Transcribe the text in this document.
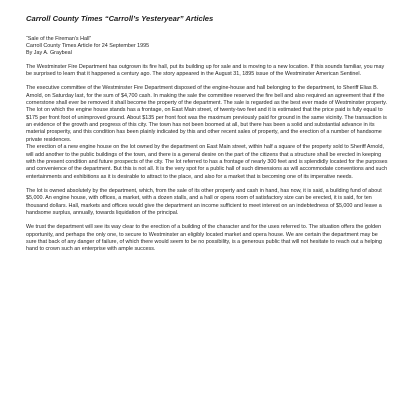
Carroll County Times “Carroll’s Yesteryear” Articles
“Sale of the Fireman’s Hall”
Carroll County Times Article for 24 September 1995
By Jay A. Graybeal

The Westminster Fire Department has outgrown its fire hall, put its building up for sale and is moving to a new location. If this sounds familiar, you may be surprised to learn that it happened a century ago. The story appeared in the August 31, 1895 issue of the Westminster American Sentinel.

The executive committee of the Westminster Fire Department disposed of the engine-house and hall belonging to the department, to Sheriff Elias B. Arnold, on Saturday last, for the sum of $4,700 cash. In making the sale the committee reserved the fire bell and also required an agreement that if the cornerstone shall ever be removed it shall become the property of the department. The sale is regarded as the best ever made of Westminster property. The lot on which the engine house stands has a frontage, on East Main street, of twenty-two feet and it is estimated that the price paid is fully equal to $175 per front foot of unimproved ground. About $135 per front foot was the maximum previously paid for ground in the same vicinity. The transaction is an evidence of the growth and progress of this city. The town has not been boomed at all, but there has been a solid and substantial advance in its material prosperity, and this condition has been plainly indicated by this and other recent sales of property, and the erection of a number of handsome private residences.

The erection of a new engine house on the lot owned by the department on East Main street, within half a square of the property sold to Sheriff Arnold, will add another to the public buildings of the town, and there is a general desire on the part of the citizens that a structure shall be erected in keeping with the present condition and future prospects of the city. The lot referred to has a frontage of nearly 300 feet and is splendidly located for the purposes and convenience of the department. But this is not all. It is the very spot for a public hall of such dimensions as will accommodate conventions and such entertainments and exhibitions as it is desirable to attract to the place, and also for a market that is becoming one of its imperative needs.

The lot is owned absolutely by the department, which, from the sale of its other property and cash in hand, has now, it is said, a building fund of about $5,000. An engine house, with offices, a market, with a dozen stalls, and a hall or opera room of satisfactory size can be erected, it is said, for ten thousand dollars. Hall, markets and offices would give the department an income sufficient to meet interest on an indebtedness of $5,000 and leave a handsome surplus, annually, towards liquidation of the principal.

We trust the department will see its way clear to the erection of a building of the character and for the uses referred to. The situation offers the golden opportunity, and perhaps the only one, to secure to Westminster an eligibly located market and opera house. We are certain the department may be sure that back of any danger of failure, of which there would seem to be no possibility, is a generous public that will not hesitate to reach out a helping hand to crown such an enterprise with ample success.
